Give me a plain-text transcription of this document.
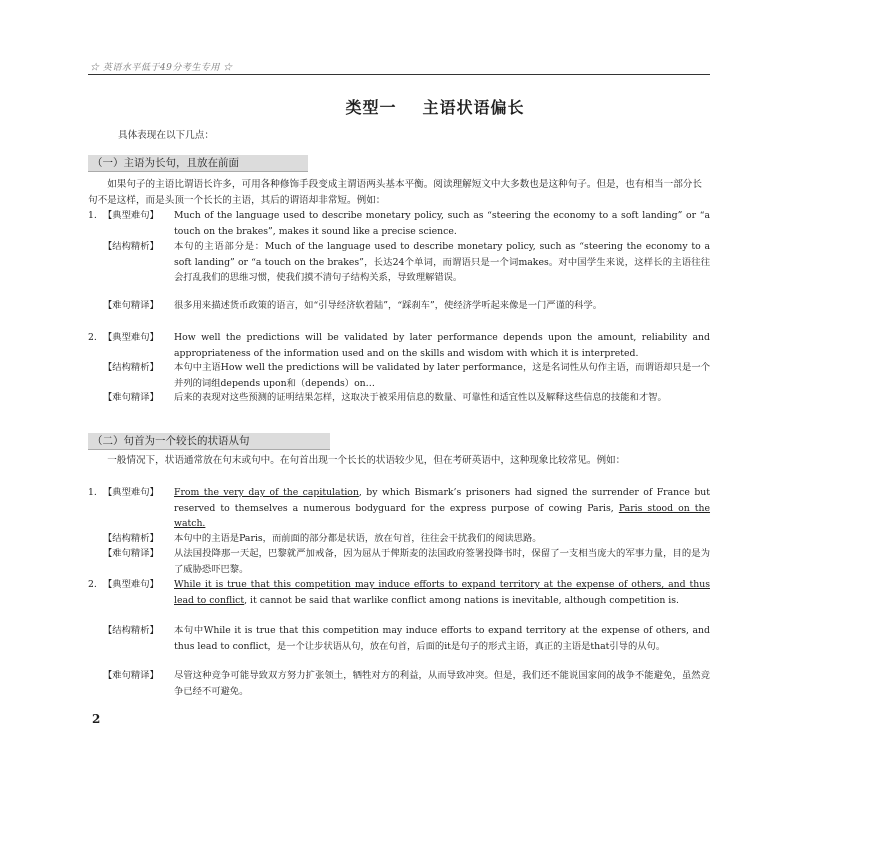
☆ 英语水平低于49分考生专用 ☆
类型一 主语状语偏长
具体表现在以下几点：
（一）主语为长句，且放在前面
如果句子的主语比谓语长许多，可用各种修饰手段变成主谓语两头基本平衡。阅读理解短文中大多数也是这种句子。但是，也有相当一部分长句不是这样，而是头顶一个长长的主语，其后的谓语却非常短。例如：
1. 【典型难句】 Much of the language used to describe monetary policy, such as “steering the economy to a soft landing” or “a touch on the brakes”, makes it sound like a precise science.
【结构精析】 本句的主语部分是：Much of the language used to describe monetary policy, such as “steering the economy to a soft landing” or “a touch on the brakes”，长达24个单词，而谓语只是一个词makes。对中国学生来说，这样长的主语往往会打乱我们的思维习惯，使我们摸不清句子结构关系，导致理解错误。
【难句精译】 很多用来描述货币政策的语言，如“引导经济软着陆”，“踩刹车”，使经济学听起来像是一门严谨的科学。
2. 【典型难句】 How well the predictions will be validated by later performance depends upon the amount, reliability and appropriateness of the information used and on the skills and wisdom with which it is interpreted.
【结构精析】 本句中主语How well the predictions will be validated by later performance，这是名词性从句作主语，而谓语却只是一个并列的词组depends upon和（depends）on…
【难句精译】 后来的表现对这些预测的证明结果怎样，这取决于被采用信息的数量、可靠性和适宜性以及解释这些信息的技能和才智。
（二）句首为一个较长的状语从句
一般情况下，状语通常放在句末或句中。在句首出现一个长长的状语较少见，但在考研英语中，这种现象比较常见。例如：
1. 【典型难句】 From the very day of the capitulation, by which Bismark’s prisoners had signed the surrender of France but reserved to themselves a numerous bodyguard for the express purpose of cowing Paris, Paris stood on the watch.
【结构精析】 本句中的主语是Paris，而前面的部分都是状语，放在句首，往往会干扰我们的阅读思路。
【难句精译】 从法国投降那一天起，巴黎就严加戒备，因为屈从于俾斯麦的法国政府签署投降书时，保留了一支相当庞大的军事力量，目的是为了威胁恐吓巴黎。
2. 【典型难句】 While it is true that this competition may induce efforts to expand territory at the expense of others, and thus lead to conflict, it cannot be said that warlike conflict among nations is inevitable, although competition is.
【结构精析】 本句中While it is true that this competition may induce efforts to expand territory at the expense of others, and thus lead to conflict，是一个让步状语从句，放在句首，后面的it是句子的形式主语，真正的主语是that引导的从句。
【难句精译】 尽管这种竞争可能导致双方努力扩张领土，牺牲对方的利益，从而导致冲突。但是，我们还不能说国家间的战争不能避免，虽然竞争已经不可避免。
2
